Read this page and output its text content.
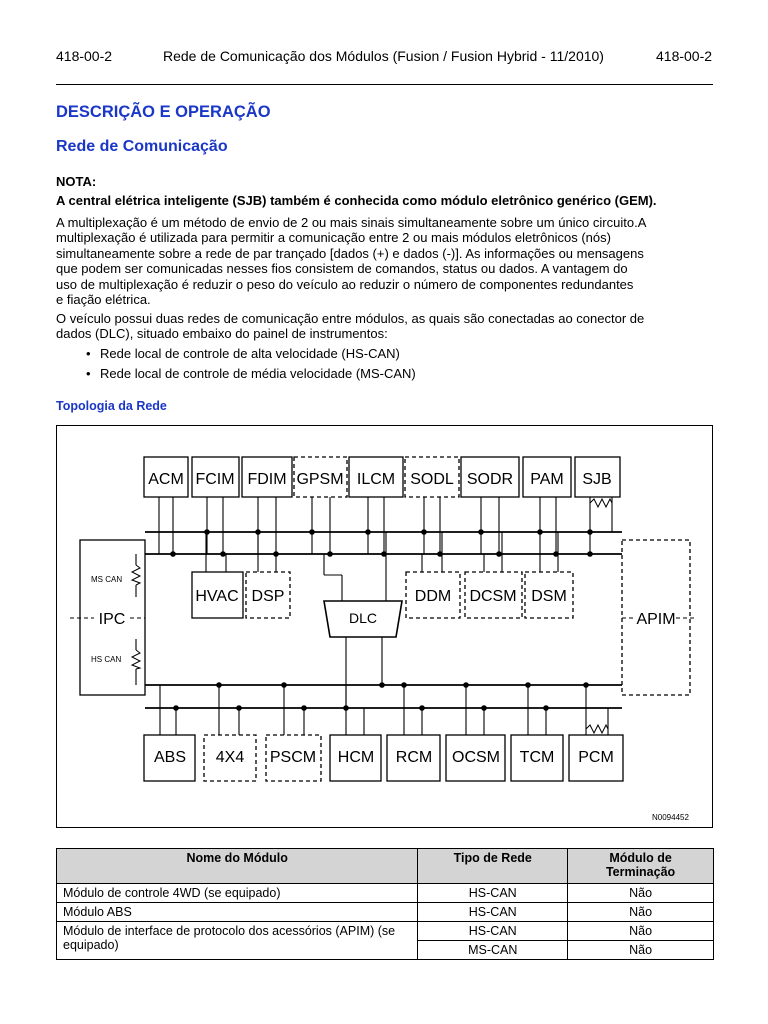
418-00-2	Rede de Comunicação dos Módulos (Fusion / Fusion Hybrid - 11/2010)	418-00-2
DESCRIÇÃO E OPERAÇÃO
Rede de Comunicação
NOTA:
A central elétrica inteligente (SJB) também é conhecida como módulo eletrônico genérico (GEM).
A multiplexação é um método de envio de 2 ou mais sinais simultaneamente sobre um único circuito.A
multiplexação é utilizada para permitir a comunicação entre 2 ou mais módulos eletrônicos (nós)
simultaneamente sobre a rede de par trançado [dados (+) e dados (-)]. As informações ou mensagens
que podem ser comunicadas nesses fios consistem de comandos, status ou dados. A vantagem do
uso de multiplexação é reduzir o peso do veículo ao reduzir o número de componentes redundantes
e fiação elétrica.
O veículo possui duas redes de comunicação entre módulos, as quais são conectadas ao conector de
dados (DLC), situado embaixo do painel de instrumentos:
• Rede local de controle de alta velocidade (HS-CAN)
• Rede local de controle de média velocidade (MS-CAN)
Topologia da Rede
ACM FCIM FDIM GPSM ILCM SODL SODR PAM SJB
HVAC DSP	DDM DCSM DSM
ABS 4X4 PSCM HCM RCM OCSM TCM PCM
IPC	APIM
DLC
MS CAN
HS CAN
N0094452
Nome do Módulo	Tipo de Rede	Módulo de Terminação
Módulo de controle 4WD (se equipado)	HS-CAN	Não
Módulo ABS	HS-CAN	Não
Módulo de interface de protocolo dos acessórios (APIM) (se equipado)	HS-CAN	Não
	MS-CAN	Não
